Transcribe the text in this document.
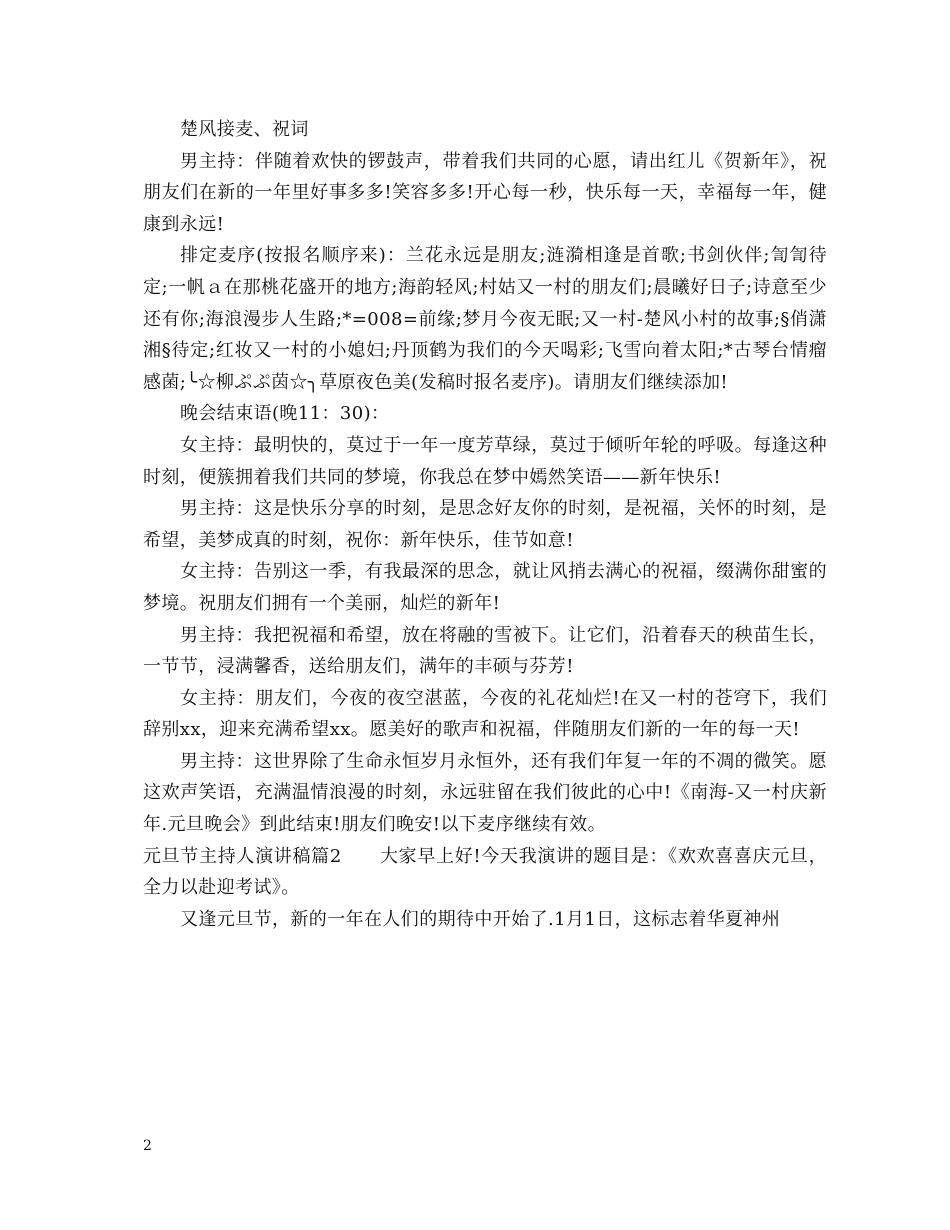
楚风接麦、祝词

男主持：伴随着欢快的锣鼓声，带着我们共同的心愿，请出红儿《贺新年》，祝朋友们在新的一年里好事多多!笑容多多!开心每一秒，快乐每一天，幸福每一年，健康到永远!

排定麦序(按报名顺序来)：兰花永远是朋友;涟漪相逢是首歌;书剑伙伴;訇訇待定;一帆ａ在那桃花盛开的地方;海韵轻风;村姑又一村的朋友们;晨曦好日子;诗意至少还有你;海浪漫步人生路;*=008=前缘;梦月今夜无眠;又一村-楚风小村的故事;§俏潇湘§待定;红妆又一村的小媳妇;丹顶鹤为我们的今天喝彩;飞雪向着太阳;*古琴台情瘤感菌;╰☆柳ぷぷ茵☆╮草原夜色美(发稿时报名麦序)。请朋友们继续添加!

晚会结束语(晚11：30)：

女主持：最明快的，莫过于一年一度芳草绿，莫过于倾听年轮的呼吸。每逢这种时刻，便簇拥着我们共同的梦境，你我总在梦中嫣然笑语——新年快乐!

男主持：这是快乐分享的时刻，是思念好友你的时刻，是祝福，关怀的时刻，是希望，美梦成真的时刻，祝你：新年快乐，佳节如意!

女主持：告别这一季，有我最深的思念，就让风捎去满心的祝福，缀满你甜蜜的梦境。祝朋友们拥有一个美丽，灿烂的新年!

男主持：我把祝福和希望，放在将融的雪被下。让它们，沿着春天的秧苗生长，一节节，浸满馨香，送给朋友们，满年的丰硕与芬芳!

女主持：朋友们，今夜的夜空湛蓝，今夜的礼花灿烂!在又一村的苍穹下，我们辞别xx，迎来充满希望xx。愿美好的歌声和祝福，伴随朋友们新的一年的每一天!

男主持：这世界除了生命永恒岁月永恒外，还有我们年复一年的不凋的微笑。愿这欢声笑语，充满温情浪漫的时刻，永远驻留在我们彼此的心中!《南海-又一村庆新年.元旦晚会》到此结束!朋友们晚安!以下麦序继续有效。

元旦节主持人演讲稿篇2 大家早上好!今天我演讲的题目是：《欢欢喜喜庆元旦，全力以赴迎考试》。

又逢元旦节，新的一年在人们的期待中开始了.1月1日，这标志着华夏神州

2
